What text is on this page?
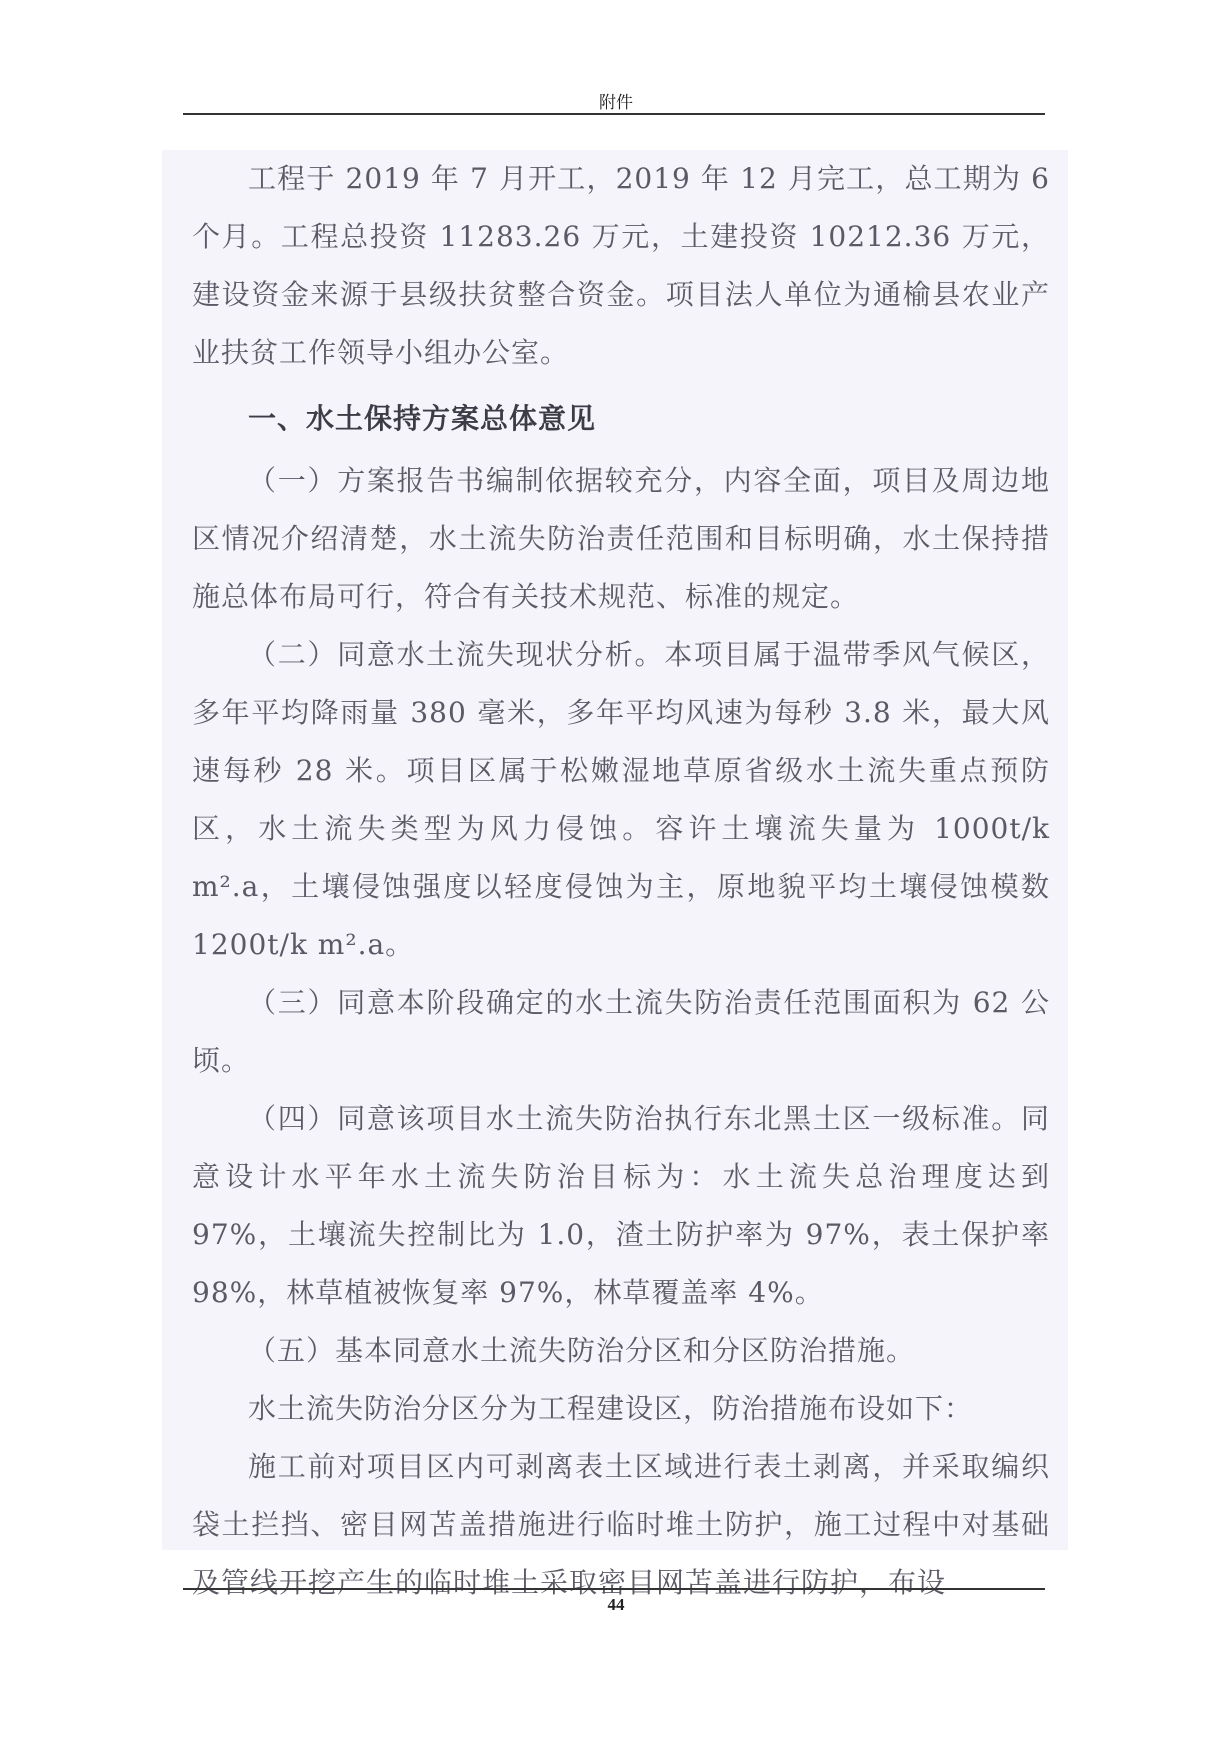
附件

工程于 2019 年 7 月开工，2019 年 12 月完工，总工期为 6 个月。工程总投资 11283.26 万元，土建投资 10212.36 万元，建设资金来源于县级扶贫整合资金。项目法人单位为通榆县农业产业扶贫工作领导小组办公室。

一、水土保持方案总体意见

（一）方案报告书编制依据较充分，内容全面，项目及周边地区情况介绍清楚，水土流失防治责任范围和目标明确，水土保持措施总体布局可行，符合有关技术规范、标准的规定。

（二）同意水土流失现状分析。本项目属于温带季风气候区，多年平均降雨量 380 毫米，多年平均风速为每秒 3.8 米，最大风速每秒 28 米。项目区属于松嫩湿地草原省级水土流失重点预防区，水土流失类型为风力侵蚀。容许土壤流失量为 1000t/k m².a，土壤侵蚀强度以轻度侵蚀为主，原地貌平均土壤侵蚀模数 1200t/k m².a。

（三）同意本阶段确定的水土流失防治责任范围面积为 62 公顷。

（四）同意该项目水土流失防治执行东北黑土区一级标准。同意设计水平年水土流失防治目标为：水土流失总治理度达到 97%，土壤流失控制比为 1.0，渣土防护率为 97%，表土保护率 98%，林草植被恢复率 97%，林草覆盖率 4%。

（五）基本同意水土流失防治分区和分区防治措施。

水土流失防治分区分为工程建设区，防治措施布设如下：

施工前对项目区内可剥离表土区域进行表土剥离，并采取编织袋土拦挡、密目网苫盖措施进行临时堆土防护，施工过程中对基础及管线开挖产生的临时堆土采取密目网苫盖进行防护，布设

44
